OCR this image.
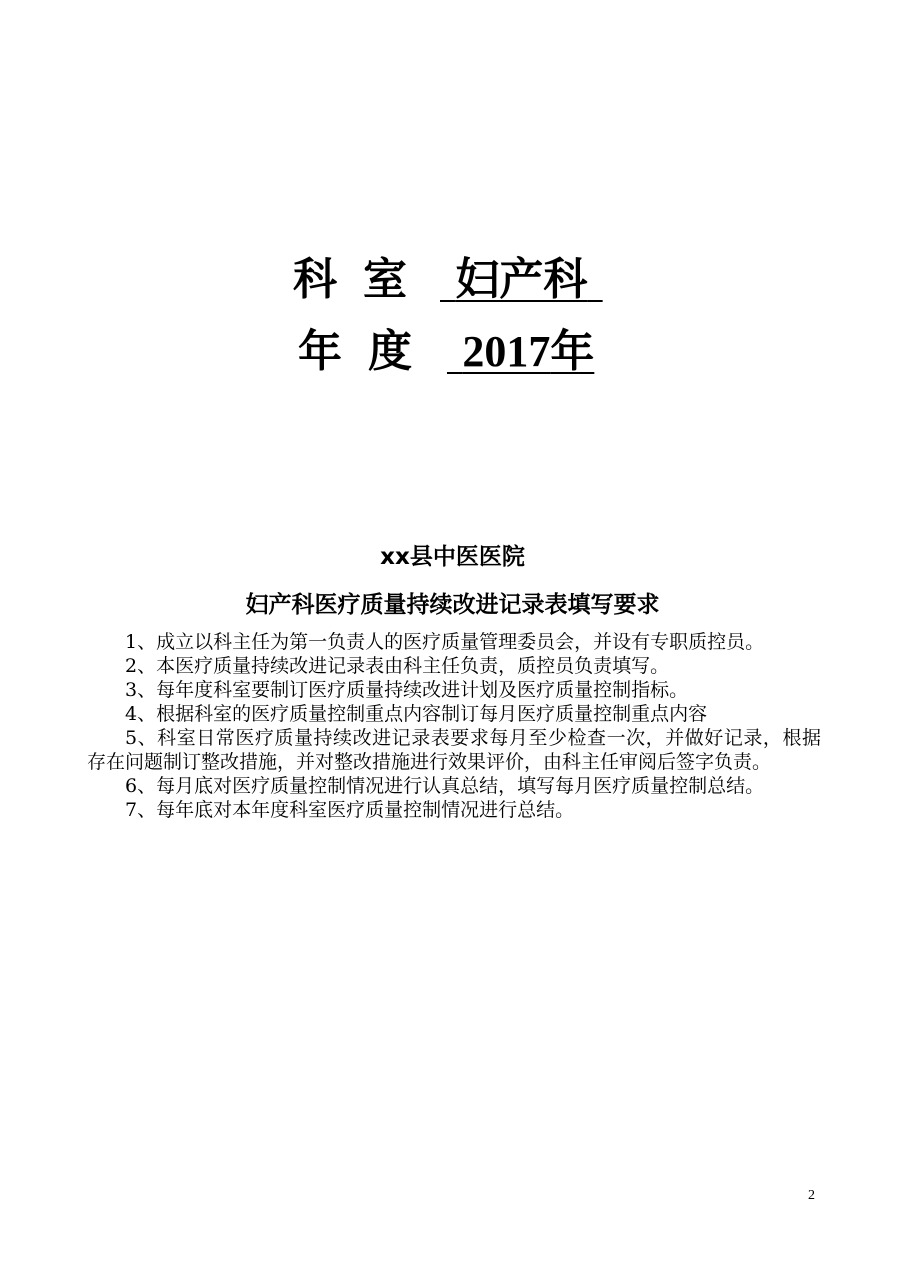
科室 妇产科
年度 2017年
xx县中医医院
妇产科医疗质量持续改进记录表填写要求

1、成立以科主任为第一负责人的医疗质量管理委员会，并设有专职质控员。

2、本医疗质量持续改进记录表由科主任负责，质控员负责填写。

3、每年度科室要制订医疗质量持续改进计划及医疗质量控制指标。

4、根据科室的医疗质量控制重点内容制订每月医疗质量控制重点内容

5、科室日常医疗质量持续改进记录表要求每月至少检查一次，并做好记录，根据存在问题制订整改措施，并对整改措施进行效果评价，由科主任审阅后签字负责。

6、每月底对医疗质量控制情况进行认真总结，填写每月医疗质量控制总结。

7、每年底对本年度科室医疗质量控制情况进行总结。

2
